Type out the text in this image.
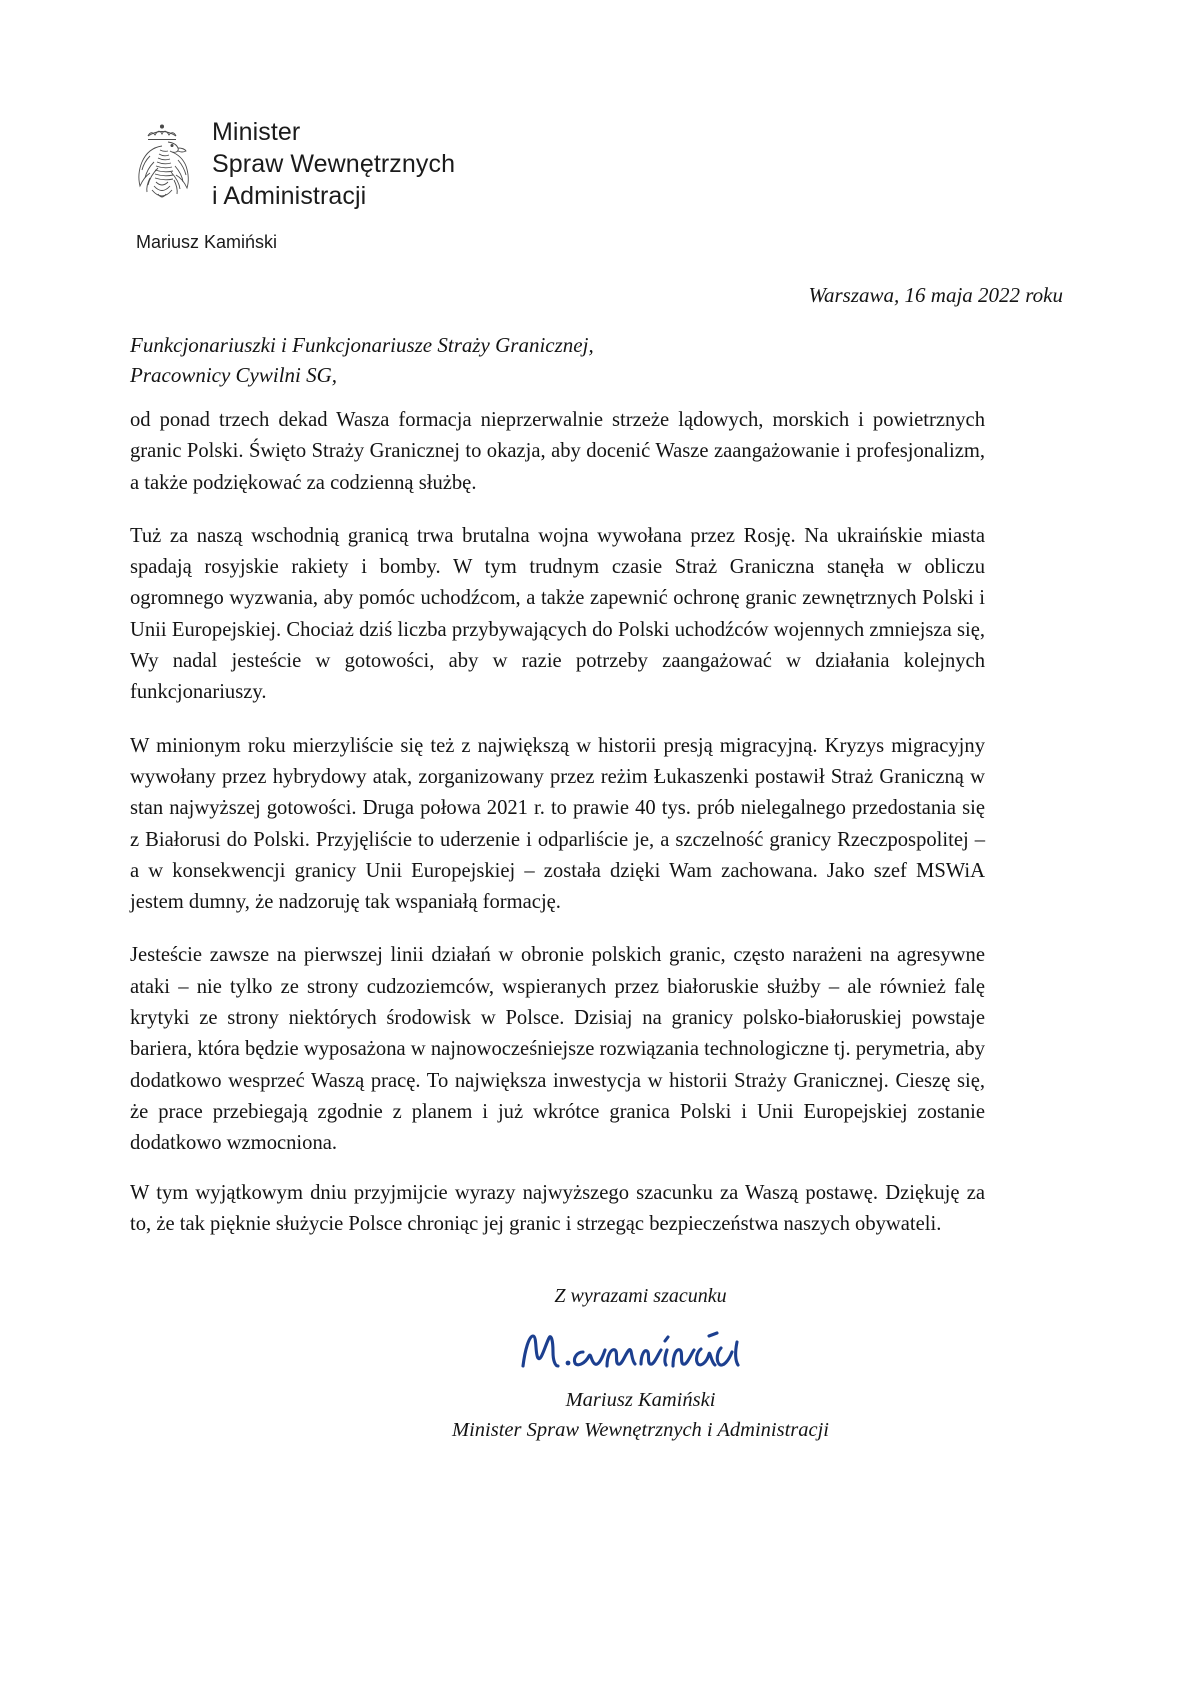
Minister
Spraw Wewnętrznych
i Administracji
Mariusz Kamiński
Warszawa, 16 maja 2022 roku
Funkcjonariuszki i Funkcjonariusze Straży Granicznej,
Pracownicy Cywilni SG,

od ponad trzech dekad Wasza formacja nieprzerwalnie strzeże lądowych, morskich i powietrznych granic Polski. Święto Straży Granicznej to okazja, aby docenić Wasze zaangażowanie i profesjonalizm, a także podziękować za codzienną służbę.

Tuż za naszą wschodnią granicą trwa brutalna wojna wywołana przez Rosję. Na ukraińskie miasta spadają rosyjskie rakiety i bomby. W tym trudnym czasie Straż Graniczna stanęła w obliczu ogromnego wyzwania, aby pomóc uchodźcom, a także zapewnić ochronę granic zewnętrznych Polski i Unii Europejskiej. Chociaż dziś liczba przybywających do Polski uchodźców wojennych zmniejsza się, Wy nadal jesteście w gotowości, aby w razie potrzeby zaangażować w działania kolejnych funkcjonariuszy.

W minionym roku mierzyliście się też z największą w historii presją migracyjną. Kryzys migracyjny wywołany przez hybrydowy atak, zorganizowany przez reżim Łukaszenki postawił Straż Graniczną w stan najwyższej gotowości. Druga połowa 2021 r. to prawie 40 tys. prób nielegalnego przedostania się z Białorusi do Polski. Przyjęliście to uderzenie i odparliście je, a szczelność granicy Rzeczpospolitej – a w konsekwencji granicy Unii Europejskiej – została dzięki Wam zachowana. Jako szef MSWiA jestem dumny, że nadzoruję tak wspaniałą formację.

Jesteście zawsze na pierwszej linii działań w obronie polskich granic, często narażeni na agresywne ataki – nie tylko ze strony cudzoziemców, wspieranych przez białoruskie służby – ale również falę krytyki ze strony niektórych środowisk w Polsce. Dzisiaj na granicy polsko-białoruskiej powstaje bariera, która będzie wyposażona w najnowocześniejsze rozwiązania technologiczne tj. perymetria, aby dodatkowo wesprzeć Waszą pracę. To największa inwestycja w historii Straży Granicznej. Cieszę się, że prace przebiegają zgodnie z planem i już wkrótce granica Polski i Unii Europejskiej zostanie dodatkowo wzmocniona.

W tym wyjątkowym dniu przyjmijcie wyrazy najwyższego szacunku za Waszą postawę. Dziękuję za to, że tak pięknie służycie Polsce chroniąc jej granic i strzegąc bezpieczeństwa naszych obywateli.

Z wyrazami szacunku
Mariusz Kamiński
Minister Spraw Wewnętrznych i Administracji
